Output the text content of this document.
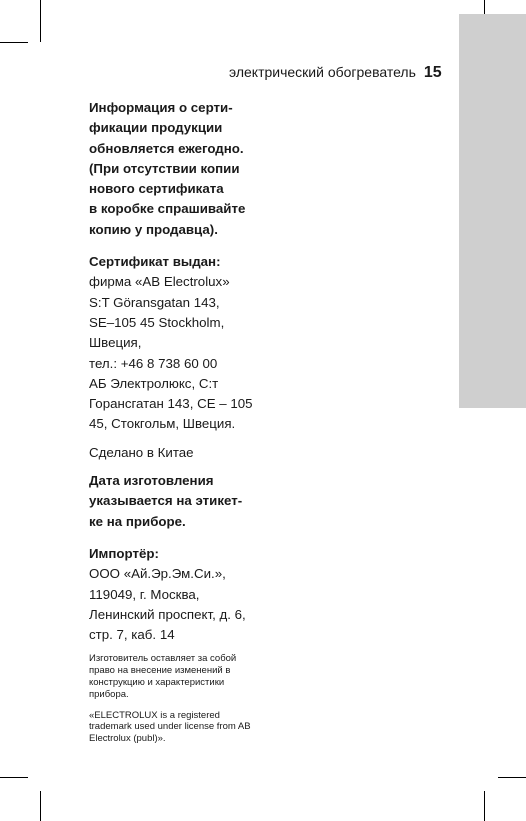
электрический обогреватель 15
Информация о серти-
фикации продукции
обновляется ежегодно.
(При отсутствии копии
нового сертификата
в коробке спрашивайте
копию у продавца).
Сертификат выдан:
фирма «AB Electrolux»
S:T Göransgatan 143,
SE–105 45 Stockholm,
Швеция,
тел.: +46 8 738 60 00
АБ Электролюкс, С:т
Горансгатан 143, СЕ – 105
45, Стокгольм, Швеция.
Сделано в Китае
Дата изготовления
указывается на этикет-
ке на приборе.
Импортёр:
ООО «Ай.Эр.Эм.Си.»,
119049, г. Москва,
Ленинский проспект, д. 6,
стр. 7, каб. 14
Изготовитель оставляет за собой
право на внесение изменений в
конструкцию и характеристики
прибора.
«ELECTROLUX is a registered
trademark used under license from AB
Electrolux (publ)».
